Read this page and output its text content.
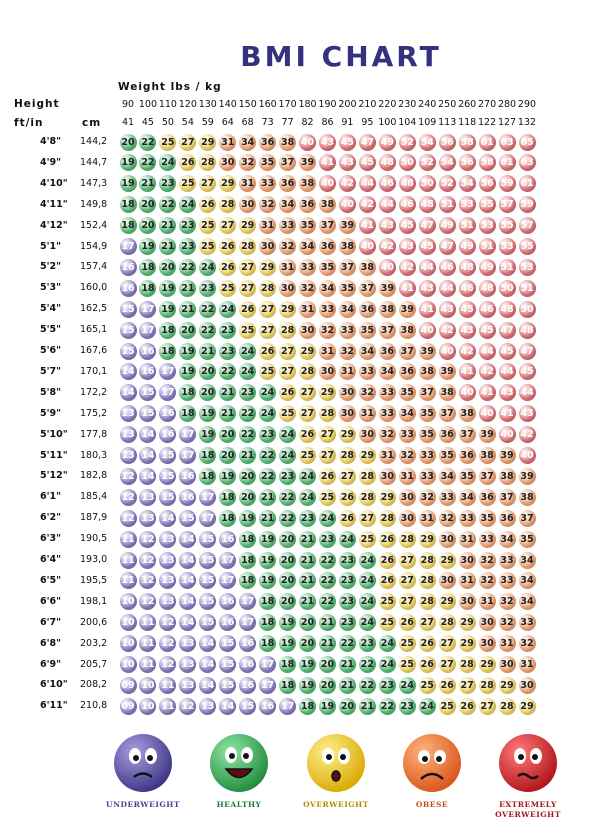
BMI CHART
Weight lbs / kg
Height
ft/in	cm
90 100 110 120 130 140 150 160 170 180 190 200 210 220 230 240 250 260 270 280 290
41 45 50 54 59 64 68 73 77 82 86 91 95 100 104 109 113 118 122 127 132
4'8" 144,2 20 22 25 27 29 31 34 36 38 40 43 45 47 49 52 54 56 58 61 63 65
4'9" 144,7 19 22 24 26 28 30 32 35 37 39 41 43 45 48 50 52 54 56 58 61 63
4'10" 147,3 19 21 23 25 27 29 31 33 36 38 40 42 44 46 48 50 52 54 56 59 61
4'11" 149,8 18 20 22 24 26 28 30 32 34 36 38 40 42 44 46 48 51 53 55 57 59
4'12" 152,4 18 20 21 23 25 27 29 31 33 35 37 39 41 43 45 47 49 51 53 55 57
5'1" 154,9 17 19 21 23 25 26 28 30 32 34 36 38 40 42 43 45 47 49 51 53 55
5'2" 157,4 16 18 20 22 24 26 27 29 31 33 35 37 38 40 42 44 46 48 49 51 53
5'3" 160,0 16 18 19 21 23 25 27 28 30 32 34 35 37 39 41 43 44 46 48 50 51
5'4" 162,5 15 17 19 21 22 24 26 27 29 31 33 34 36 38 39 41 43 45 46 48 50
5'5" 165,1 15 17 18 20 22 23 25 27 28 30 32 33 35 37 38 40 42 43 45 47 48
5'6" 167,6 15 16 18 19 21 23 24 26 27 29 31 32 34 36 37 39 40 42 44 45 47
5'7" 170,1 14 16 17 19 20 22 24 25 27 28 30 31 33 34 36 38 39 41 42 44 45
5'8" 172,2 14 15 17 18 20 21 23 24 26 27 29 30 32 33 35 37 38 40 41 43 44
5'9" 175,2 13 15 16 18 19 21 22 24 25 27 28 30 31 33 34 35 37 38 40 41 43
5'10" 177,8 13 14 16 17 19 20 22 23 24 26 27 29 30 32 33 35 36 37 39 40 42
5'11" 180,3 13 14 15 17 18 20 21 22 24 25 27 28 29 31 32 33 35 36 38 39 40
5'12" 182,8 12 14 15 16 18 19 20 22 23 24 26 27 28 30 31 33 34 35 37 38 39
6'1" 185,4 12 13 15 16 17 18 20 21 22 24 25 26 28 29 30 32 33 34 36 37 38
6'2" 187,9 12 13 14 15 17 18 19 21 22 23 24 26 27 28 30 31 32 33 35 36 37
6'3" 190,5 11 12 13 14 15 16 18 19 20 21 23 24 25 26 28 29 30 31 33 34 35
6'4" 193,0 11 12 13 14 15 17 18 19 20 21 22 23 24 26 27 28 29 30 32 33 34
6'5" 195,5 11 12 13 14 15 17 18 19 20 21 22 23 24 26 27 28 30 31 32 33 34
6'6" 198,1 10 12 13 14 15 16 17 18 20 21 22 23 24 25 27 28 29 30 31 32 34
6'7" 200,6 10 11 12 14 15 16 17 18 19 20 21 23 24 25 26 27 28 29 30 32 33
6'8" 203,2 10 11 12 13 14 15 16 18 19 20 21 22 23 24 25 26 27 29 30 31 32
6'9" 205,7 10 11 12 13 14 15 16 17 18 19 20 21 22 24 25 26 27 28 29 30 31
6'10" 208,2 09 10 11 13 14 15 16 17 18 19 20 21 22 23 24 25 26 27 28 29 30
6'11" 210,8 09 10 11 12 13 14 15 16 17 18 19 20 21 22 23 24 25 26 27 28 29
UNDERWEIGHT	HEALTHY	OVERWEIGHT	OBESE	EXTREMELY
OVERWEIGHT
